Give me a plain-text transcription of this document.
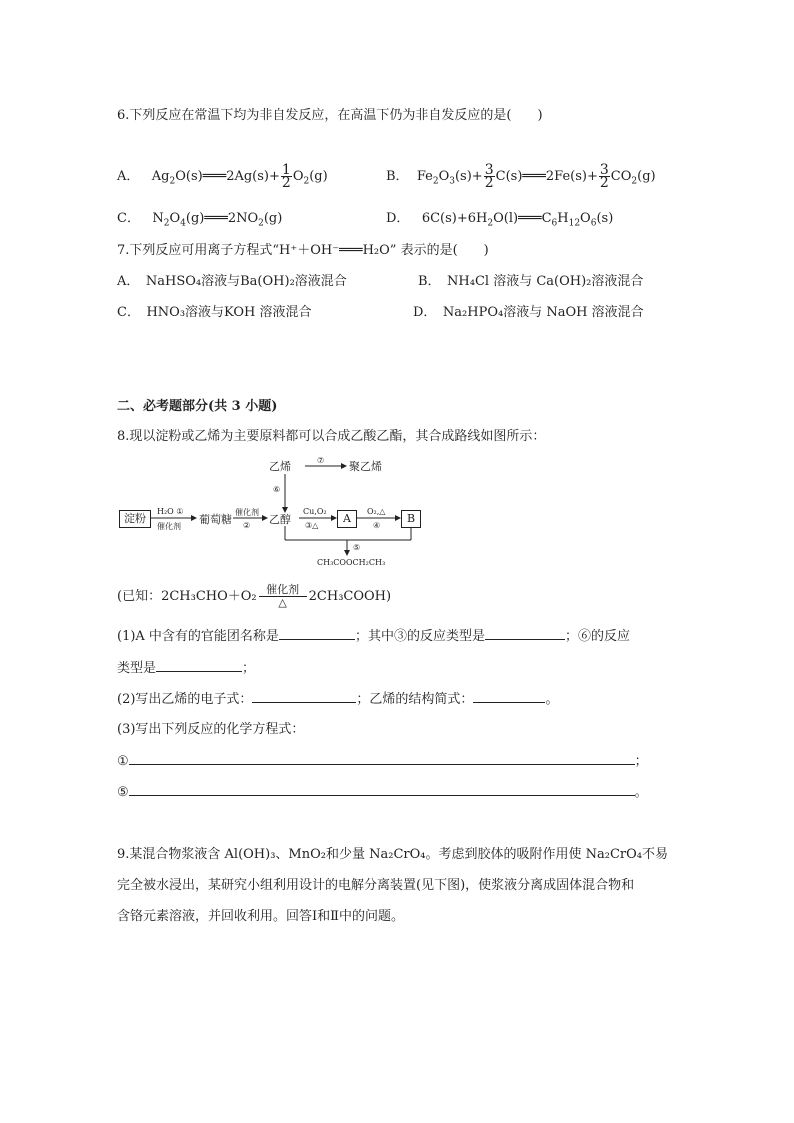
6.下列反应在常温下均为非自发反应，在高温下仍为非自发反应的是(　　)
A． $Ag_2O(s)═══2Ag(s)+ \frac{1}{2} O_2(g)$	B． $Fe_2O_3(s)+ \frac{3}{2}$ C(s)═══2Fe(s)+ $\frac{3}{2} CO_2(g)$
C． $N_2O_4(g)═══2NO_2(g)$	D． $6C(s)+6H_2O(l)═══C_6H_{12}O_6(s)$
7.下列反应可用离子方程式“H⁺＋OH⁻═══H₂O” 表示的是(　　)
A．　NaHSO₄溶液与Ba(OH)₂溶液混合	B．　NH₄Cl 溶液与 Ca(OH)₂溶液混合
C．　HNO₃溶液与KOH 溶液混合	D．　Na₂HPO₄溶液与 NaOH 溶液混合
二、必考题部分(共 3 小题)
8.现以淀粉或乙烯为主要原料都可以合成乙酸乙酯，其合成路线如图所示：
乙烯	聚乙烯
⑦
⑥
淀粉
H₂O ①
催化剂
葡萄糖
催化剂
② 乙醇
Cu,O₂
③△
A
O₂,△
④
B
⑤
CH₃COOCH₂CH₃
(已知：2CH₃CHO＋O₂ 催化剂
△	2CH₃COOH)
(1)A 中含有的官能团名称是	；其中③的反应类型是	；⑥的反应
类型是	；
(2)写出乙烯的电子式：	；乙烯的结构简式：	。
(3)写出下列反应的化学方程式：
①	；
⑤	。
9.某混合物浆液含 Al(OH)₃、MnO₂和少量 Na₂CrO₄。考虑到胶体的吸附作用使 Na₂CrO₄不易
完全被水浸出，某研究小组利用设计的电解分离装置(见下图)，使浆液分离成固体混合物和
含铬元素溶液，并回收利用。回答Ⅰ和Ⅱ中的问题。
